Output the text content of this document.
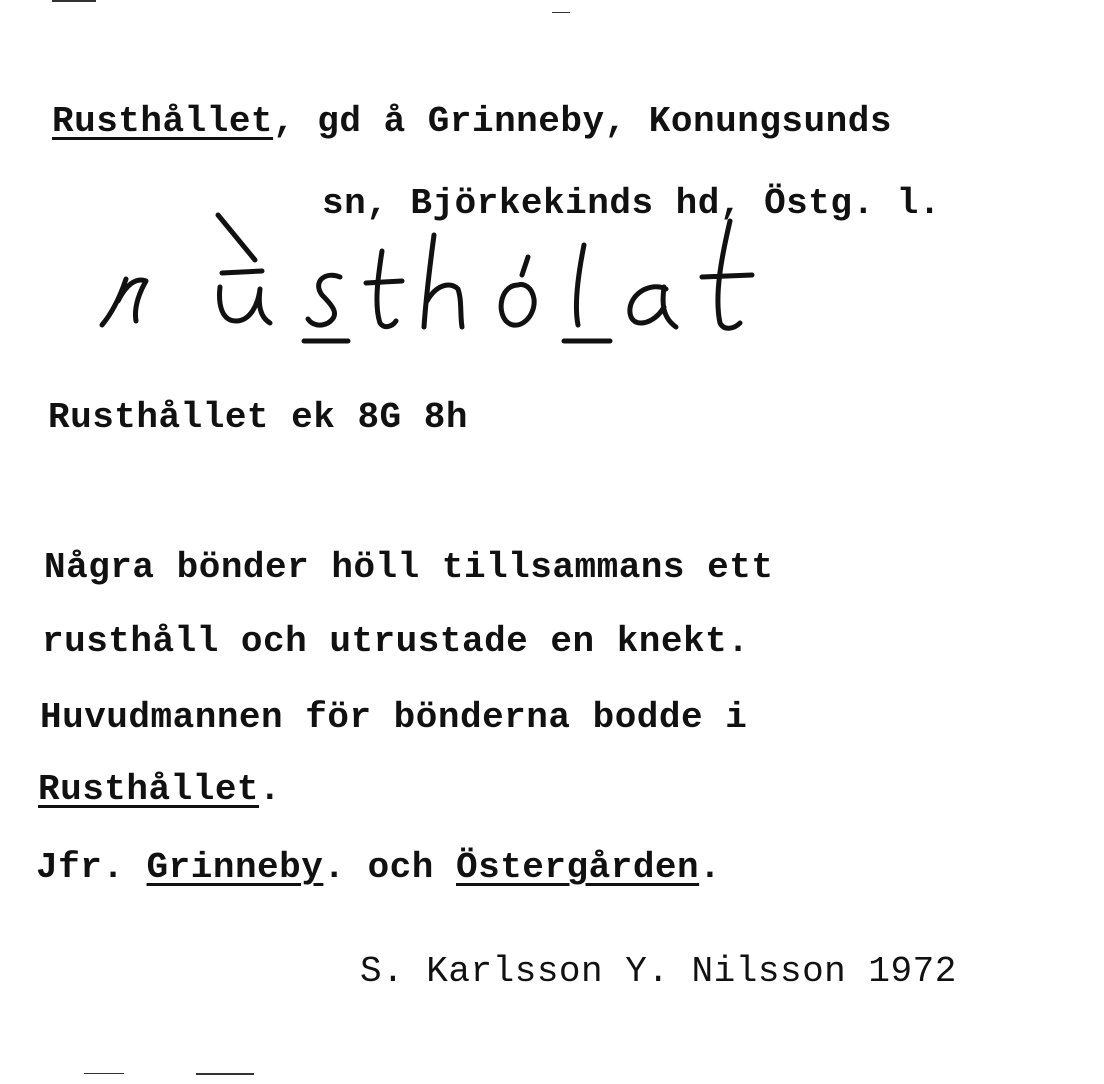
Rusthållet, gd å Grinneby, Konungsunds
sn, Björkekinds hd, Östg. l.
Rusthållet ek 8G 8h
Några bönder höll tillsammans ett
rusthåll och utrustade en knekt.
Huvudmannen för bönderna bodde i
Rusthållet.
Jfr. Grinneby. och Östergården.
S. Karlsson Y. Nilsson 1972
